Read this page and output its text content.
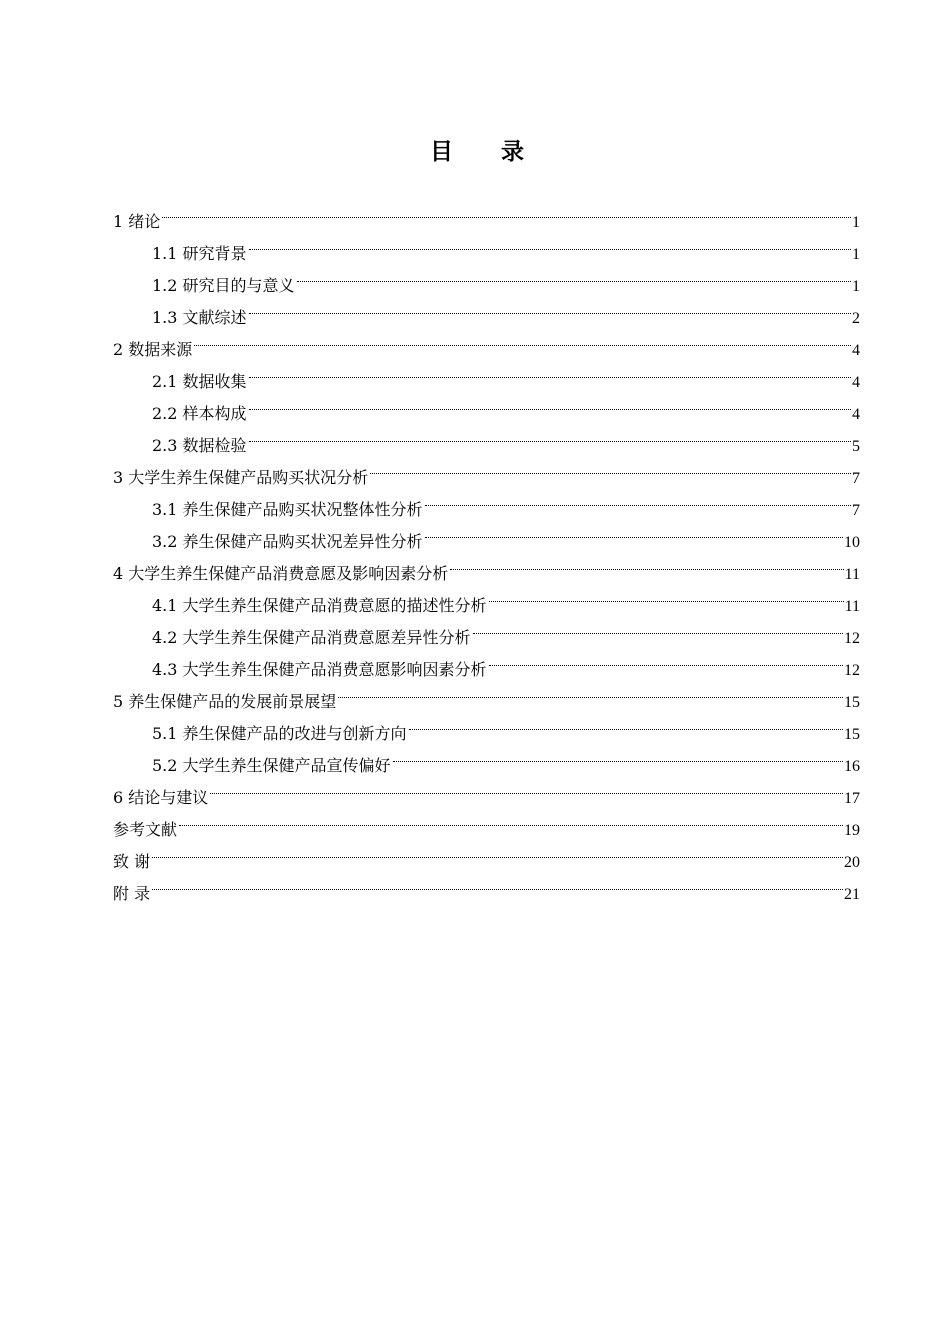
目 录
1 绪论	1
1.1 研究背景	1
1.2 研究目的与意义	1
1.3 文献综述	2
2 数据来源	4
2.1 数据收集	4
2.2 样本构成	4
2.3 数据检验	5
3 大学生养生保健产品购买状况分析	7
3.1 养生保健产品购买状况整体性分析	7
3.2 养生保健产品购买状况差异性分析	10
4 大学生养生保健产品消费意愿及影响因素分析	11
4.1 大学生养生保健产品消费意愿的描述性分析	11
4.2 大学生养生保健产品消费意愿差异性分析	12
4.3 大学生养生保健产品消费意愿影响因素分析	12
5 养生保健产品的发展前景展望	15
5.1 养生保健产品的改进与创新方向	15
5.2 大学生养生保健产品宣传偏好	16
6 结论与建议	17
参考文献	19
致 谢	20
附 录	21
